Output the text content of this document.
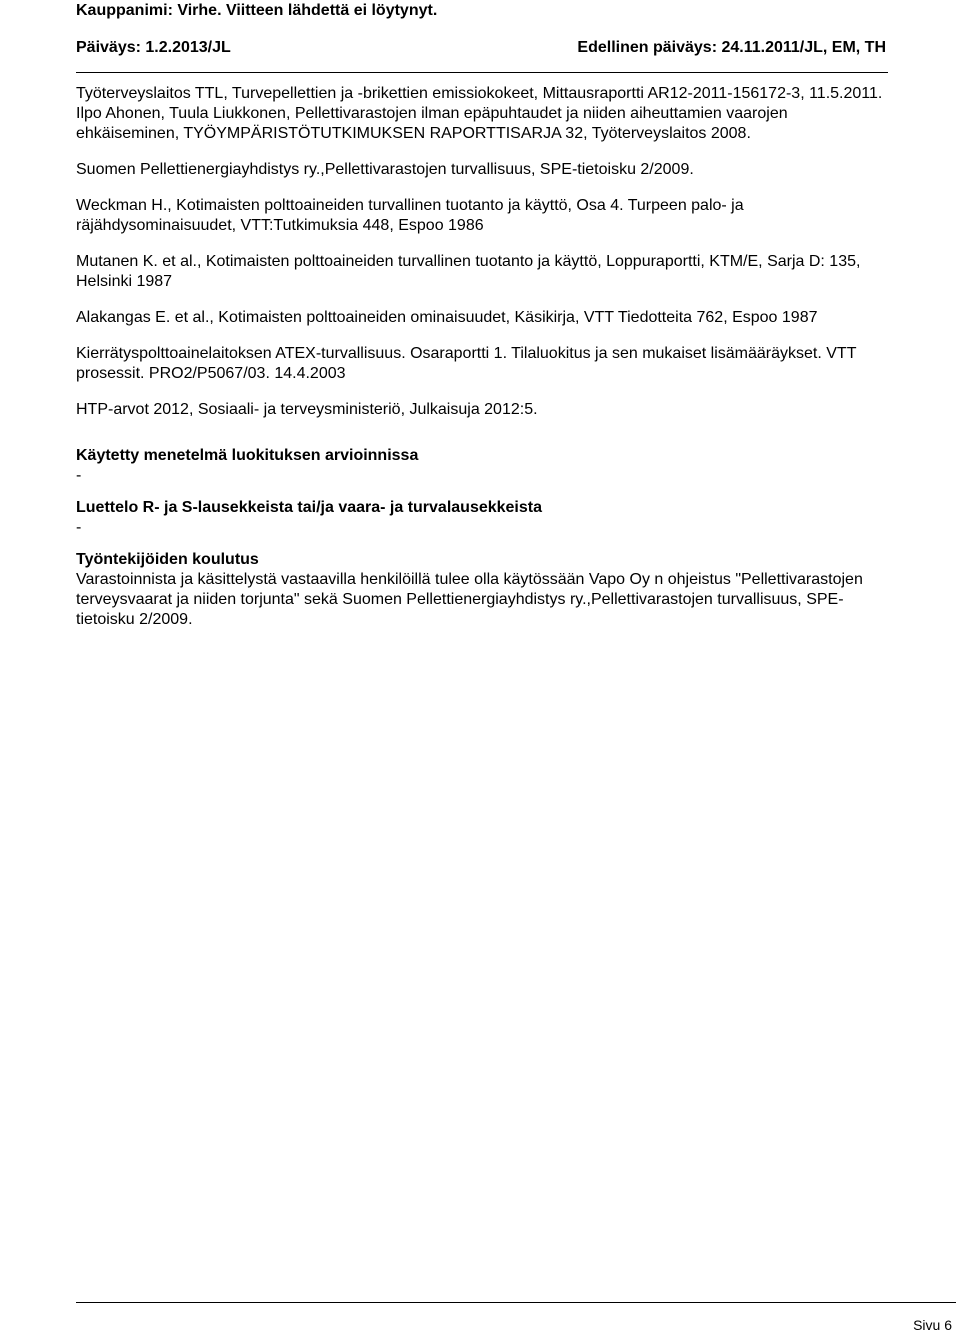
Kauppanimi: Virhe. Viitteen lähdettä ei löytynyt.
Päiväys: 1.2.2013/JL	Edellinen päiväys: 24.11.2011/JL, EM, TH

Työterveyslaitos TTL, Turvepellettien ja -brikettien emissiokokeet, Mittausraportti AR12-2011-156172-3, 11.5.2011.

Ilpo Ahonen, Tuula Liukkonen, Pellettivarastojen ilman epäpuhtaudet ja niiden aiheuttamien vaarojen ehkäiseminen, TYÖYMPÄRISTÖTUTKIMUKSEN RAPORTTISARJA 32, Työterveyslaitos 2008.

Suomen Pellettienergiayhdistys ry.,Pellettivarastojen turvallisuus, SPE-tietoisku 2/2009.

Weckman H., Kotimaisten polttoaineiden turvallinen tuotanto ja käyttö, Osa 4. Turpeen palo- ja räjähdysominaisuudet, VTT:Tutkimuksia 448, Espoo 1986

Mutanen K. et al., Kotimaisten polttoaineiden turvallinen tuotanto ja käyttö, Loppuraportti, KTM/E, Sarja D: 135, Helsinki 1987

Alakangas E. et al., Kotimaisten polttoaineiden ominaisuudet, Käsikirja, VTT Tiedotteita 762, Espoo 1987

Kierrätyspolttoainelaitoksen ATEX-turvallisuus. Osaraportti 1. Tilaluokitus ja sen mukaiset lisämääräykset. VTT prosessit. PRO2/P5067/03. 14.4.2003

HTP-arvot 2012, Sosiaali- ja terveysministeriö, Julkaisuja 2012:5.

Käytetty menetelmä luokituksen arvioinnissa

-

Luettelo R- ja S-lausekkeista tai/ja vaara- ja turvalausekkeista

-

Työntekijöiden koulutus

Varastoinnista ja käsittelystä vastaavilla henkilöillä tulee olla käytössään Vapo Oy n ohjeistus "Pellettivarastojen terveysvaarat ja niiden torjunta" sekä Suomen Pellettienergiayhdistys ry.,Pellettivarastojen turvallisuus, SPE-tietoisku 2/2009.

Sivu 6
